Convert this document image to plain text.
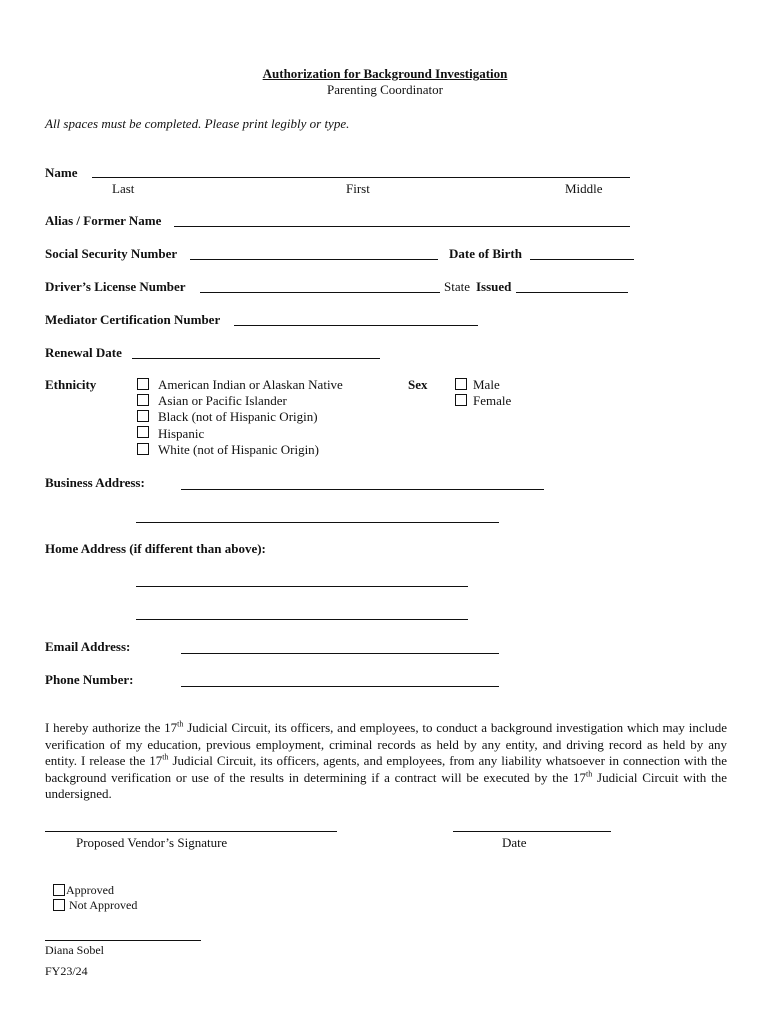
Authorization for Background Investigation
Parenting Coordinator
All spaces must be completed. Please print legibly or type.
Name
Last	First	Middle
Alias / Former Name
Social Security Number	Date of Birth
Driver’s License Number	State Issued
Mediator Certification Number
Renewal Date
Ethnicity	American Indian or Alaskan Native
Asian or Pacific Islander
Black (not of Hispanic Origin)
Hispanic
White (not of Hispanic Origin)
Sex	Male
Female
Business Address:
Home Address (if different than above):
Email Address:
Phone Number:
I hereby authorize the 17th Judicial Circuit, its officers, and employees, to conduct a background investigation which may include verification of my education, previous employment, criminal records as held by any entity, and driving record as held by any entity. I release the 17th Judicial Circuit, its officers, agents, and employees, from any liability whatsoever in connection with the background verification or use of the results in determining if a contract will be executed by the 17th Judicial Circuit with the undersigned.
Proposed Vendor’s Signature	Date
Approved
Not Approved
Diana Sobel
FY23/24
